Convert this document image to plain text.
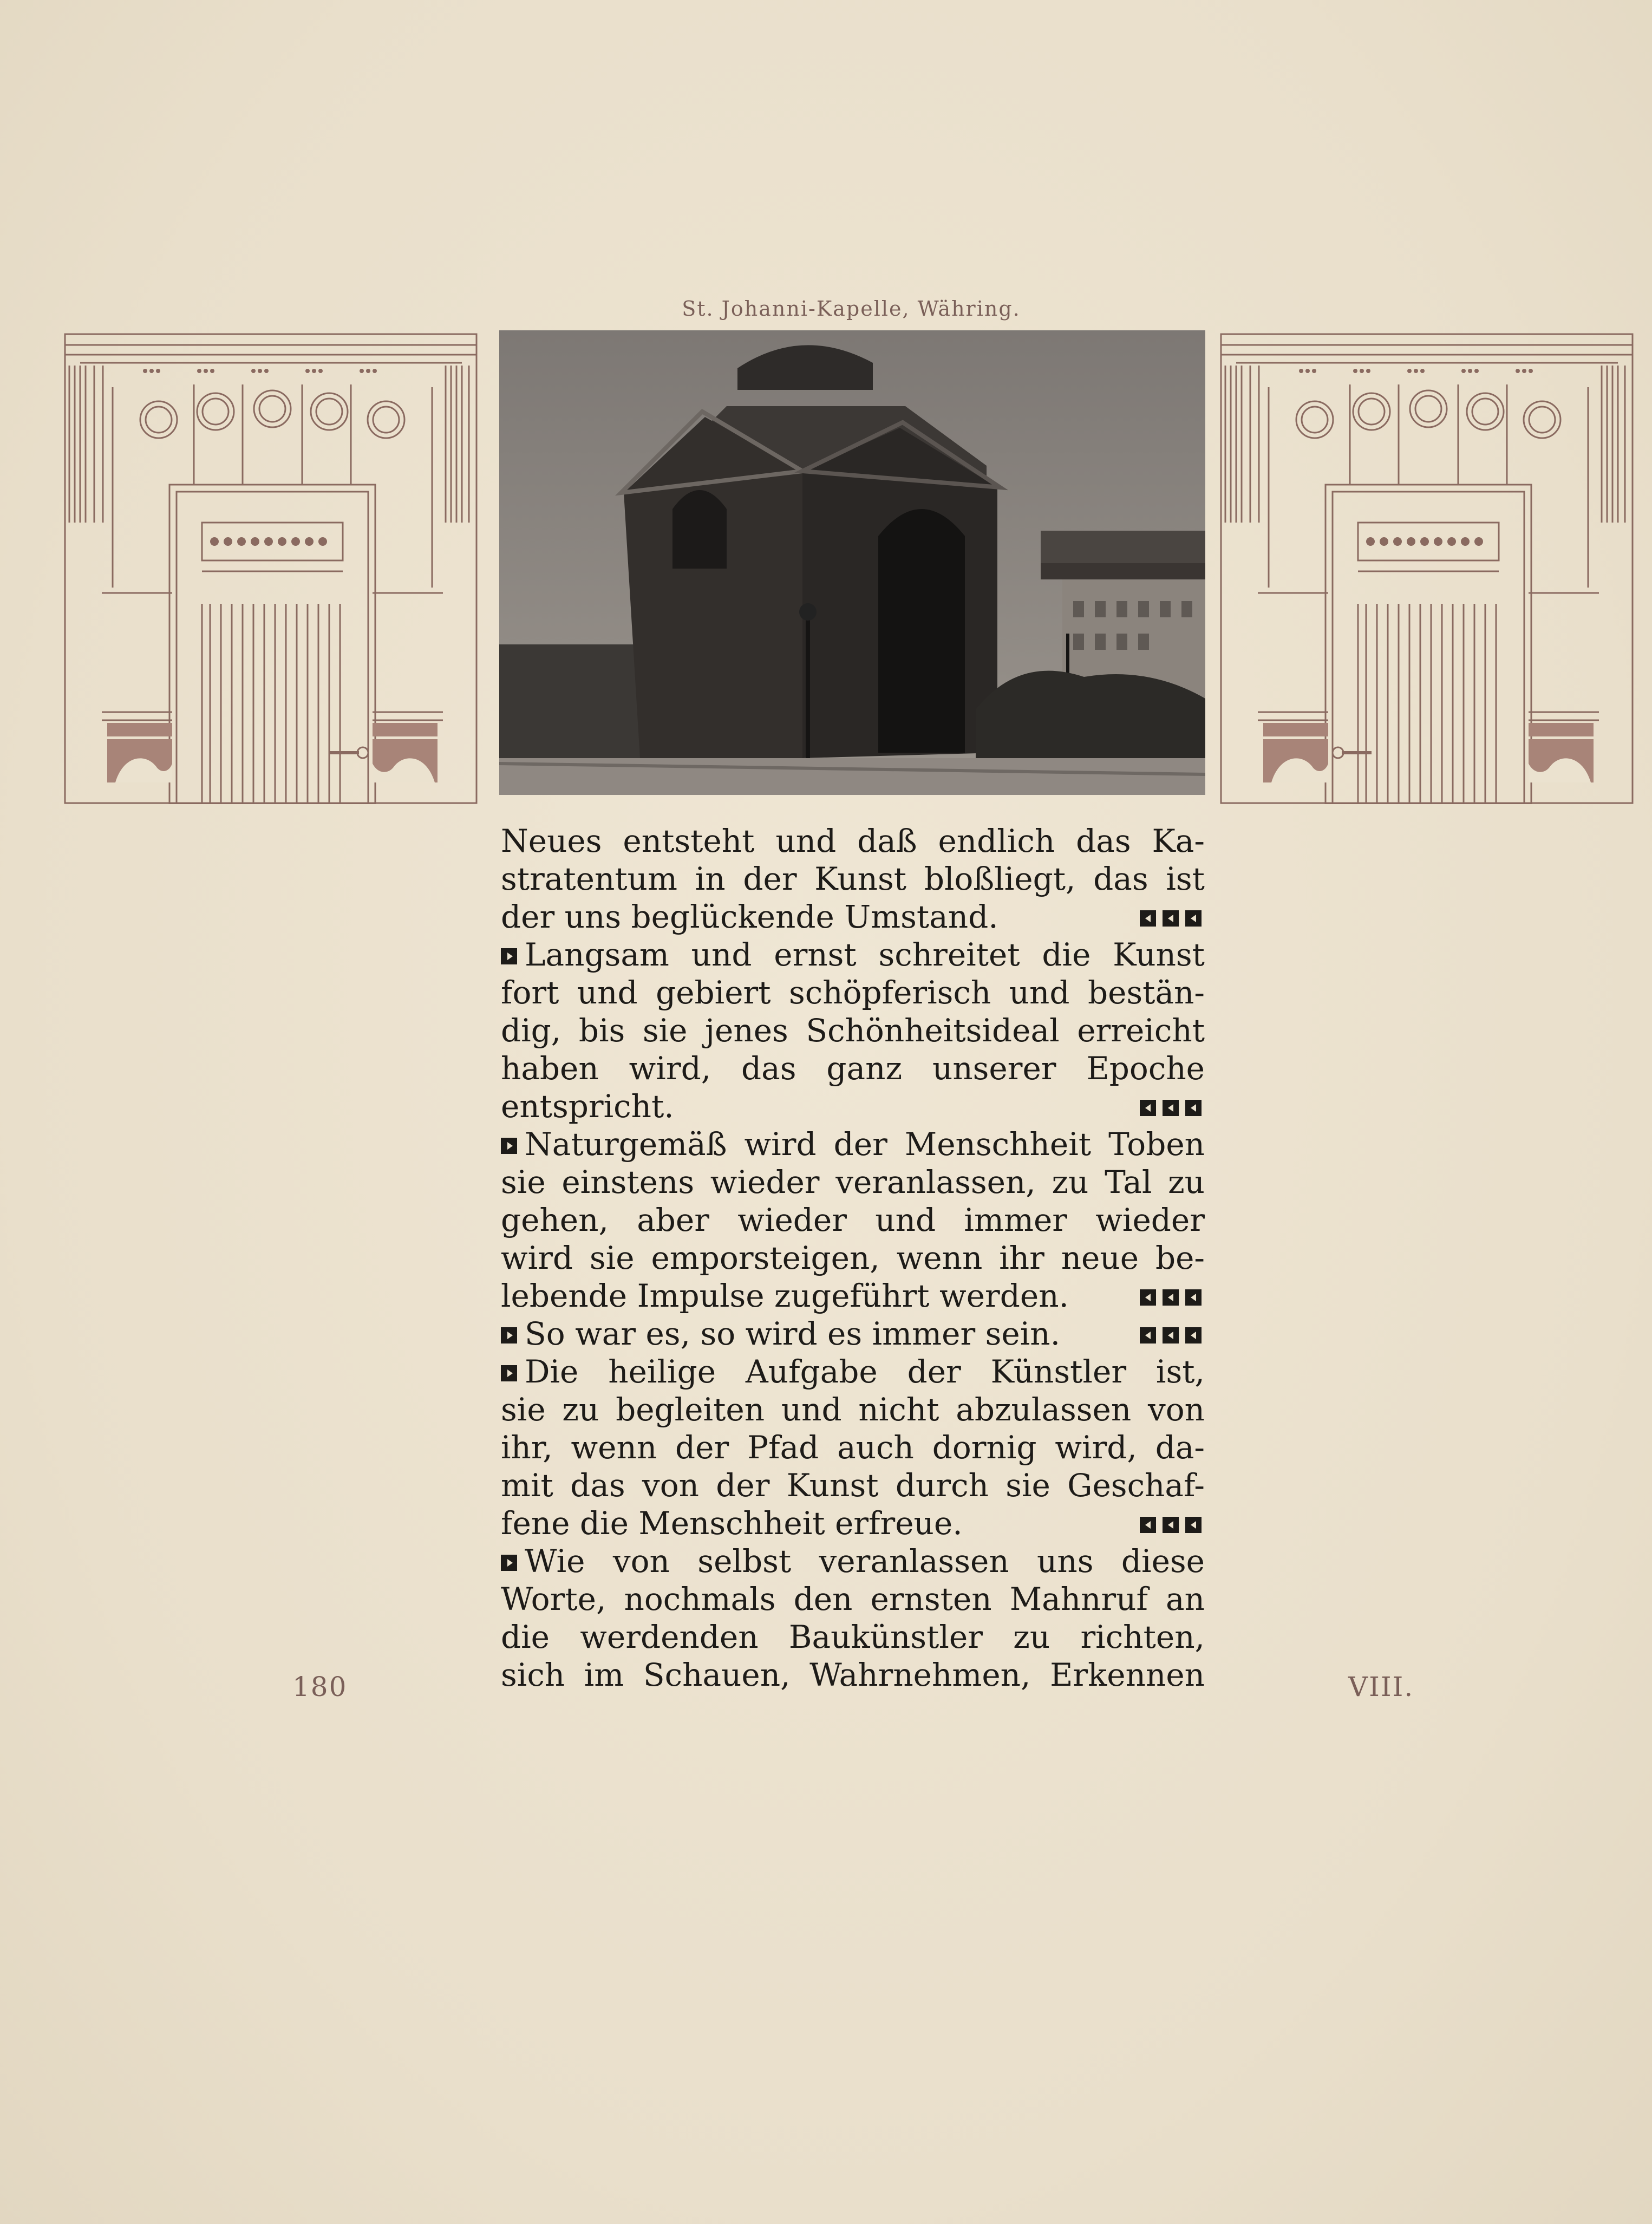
St. Johanni-Kapelle, Währing.
Neues entsteht und daß endlich das Ka-
stratentum in der Kunst bloßliegt, das ist
der uns beglückende Umstand.
Langsam und ernst schreitet die Kunst
fort und gebiert schöpferisch und bestän-
dig, bis sie jenes Schönheitsideal erreicht
haben wird, das ganz unserer Epoche
entspricht.
Naturgemäß wird der Menschheit Toben
sie einstens wieder veranlassen, zu Tal zu
gehen, aber wieder und immer wieder
wird sie emporsteigen, wenn ihr neue be-
lebende Impulse zugeführt werden.
So war es, so wird es immer sein.
Die heilige Aufgabe der Künstler ist,
sie zu begleiten und nicht abzulassen von
ihr, wenn der Pfad auch dornig wird, da-
mit das von der Kunst durch sie Geschaf-
fene die Menschheit erfreue.
Wie von selbst veranlassen uns diese
Worte, nochmals den ernsten Mahnruf an
die werdenden Baukünstler zu richten,
sich im Schauen, Wahrnehmen, Erkennen
180	VIII.
